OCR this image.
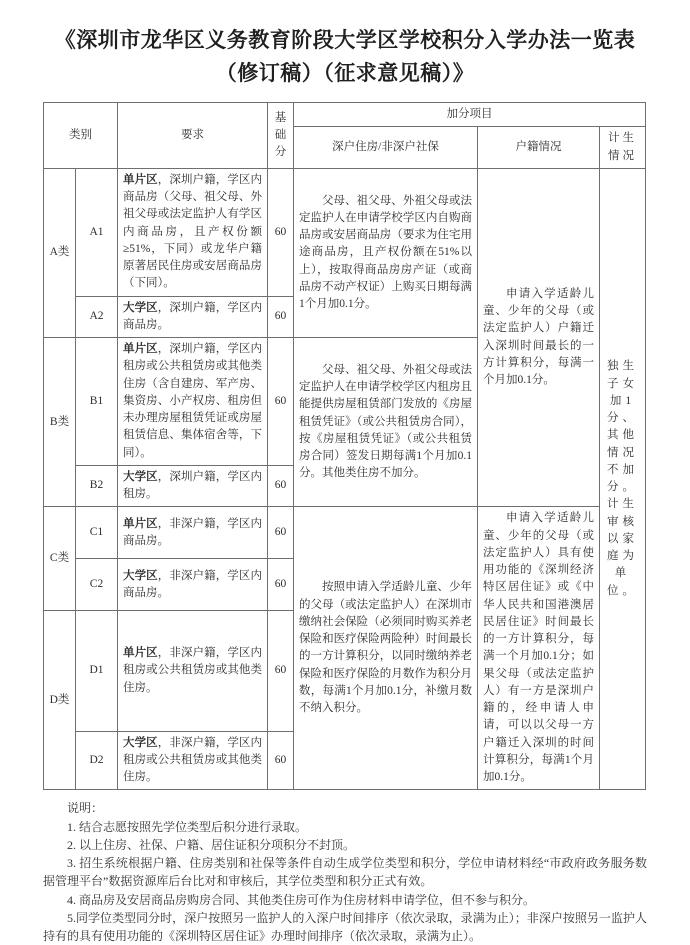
《深圳市龙华区义务教育阶段大学区学校积分入学办法一览表（修订稿）（征求意见稿）》
类别		要求	基础分	加分项目		
				深户住房/非深户社保	户籍情况	计生情况
A类	A1	单片区，深圳户籍，学区内商品房（父母、祖父母、外祖父母或法定监护人有学区内商品房，且产权份额≥51%，下同）或龙华户籍原著居民住房或安居商品房（下同）。	60	父母、祖父母、外祖父母或法定监护人在申请学校学区内自购商品房或安居商品房（要求为住宅用途商品房，且产权份额在51%以上），按取得商品房房产证（或商品房不动产权证）上购买日期每满1个月加0.1分。	申请入学适龄儿童、少年的父母（或法定监护人）户籍迁入深圳时间最长的一方计算积分，每满一个月加0.1分。	独生子女加1分、其他情况不加分。计生审核以家庭为单位。
	A2	大学区，深圳户籍，学区内商品房。	60			
B类	B1	单片区，深圳户籍，学区内租房或公共租赁房或其他类住房（含自建房、军产房、集资房、小产权房、租房但未办理房屋租赁凭证或房屋租赁信息、集体宿舍等，下同）。	60	父母、祖父母、外祖父母或法定监护人在申请学校学区内租房且能提供房屋租赁部门发放的《房屋租赁凭证》（或公共租赁房合同），按《房屋租赁凭证》（或公共租赁房合同）签发日期每满1个月加0.1分。其他类住房不加分。		

	B2	大学区，深圳户籍，学区内租房。	60			
C类	C1	单片区，非深户籍，学区内商品房。	60	按照申请入学适龄儿童、少年的父母（或法定监护人）在深圳市缴纳社会保险（必须同时购买养老保险和医疗保险两险种）时间最长的一方计算积分，以同时缴纳养老保险和医疗保险的月数作为积分月数，每满1个月加0.1分，补缴月数不纳入积分。	申请入学适龄儿童、少年的父母（或法定监护人）具有使用功能的《深圳经济特区居住证》或《中华人民共和国港澳居民居住证》时间最长的一方计算积分，每满一个月加0.1分；如果父母（或法定监护人）有一方是深圳户籍的，经申请人申请，可以以父母一方户籍迁入深圳的时间计算积分，每满1个月加0.1分。	

	C2	大学区，非深户籍，学区内商品房。	60			
D类	D1	单片区，非深户籍，学区内租房或公共租赁房或其他类住房。	60			
	D2	大学区，非深户籍，学区内租房或公共租赁房或其他类住房。	60			

说明：

1. 结合志愿按照先学位类型后积分进行录取。

2. 以上住房、社保、户籍、居住证积分项积分不封顶。

3. 招生系统根据户籍、住房类别和社保等条件自动生成学位类型和积分，学位申请材料经“市政府政务服务数据管理平台”数据资源库后台比对和审核后，其学位类型和积分正式有效。

4. 商品房及安居商品房购房合同、其他类住房可作为住房材料申请学位，但不参与积分。

5.同学位类型同分时，深户按照另一监护人的入深户时间排序（依次录取，录满为止）；非深户按照另一监护人持有的具有使用功能的《深圳特区居住证》办理时间排序（依次录取，录满为止）。
